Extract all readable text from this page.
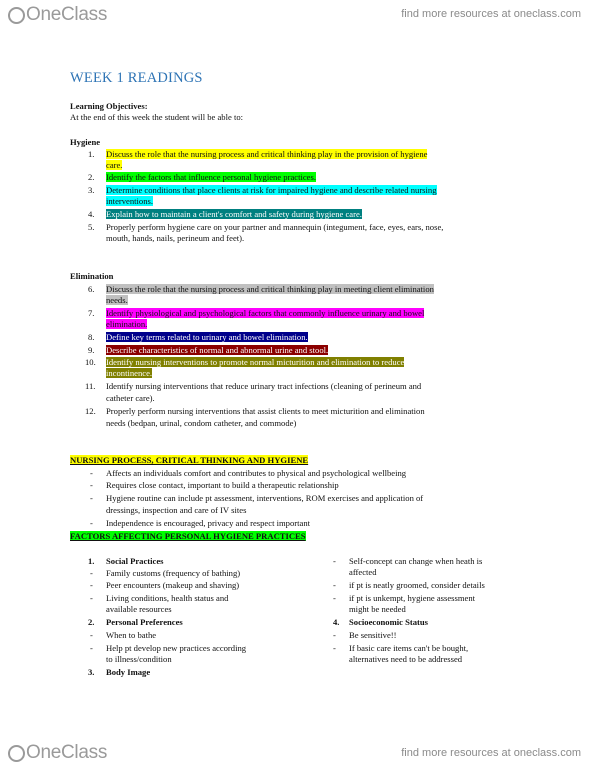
OneClass	find more resources at oneclass.com
WEEK 1 READINGS
Learning Objectives:
At the end of this week the student will be able to:
Hygiene
1. Discuss the role that the nursing process and critical thinking play in the provision of hygiene
care.
2. Identify the factors that influence personal hygiene practices.
3. Determine conditions that place clients at risk for impaired hygiene and describe related nursing
interventions.
4. Explain how to maintain a client's comfort and safety during hygiene care.
5. Properly perform hygiene care on your partner and mannequin (integument, face, eyes, ears, nose,
mouth, hands, nails, perineum and feet).
Elimination
6. Discuss the role that the nursing process and critical thinking play in meeting client elimination
needs.
7. Identify physiological and psychological factors that commonly influence urinary and bowel
elimination.
8. Define key terms related to urinary and bowel elimination.
9. Describe characteristics of normal and abnormal urine and stool.
10. Identify nursing interventions to promote normal micturition and elimination to reduce
incontinence.
11. Identify nursing interventions that reduce urinary tract infections (cleaning of perineum and
catheter care).
12. Properly perform nursing interventions that assist clients to meet micturition and elimination
needs (bedpan, urinal, condom catheter, and commode)
NURSING PROCESS, CRITICAL THINKING AND HYGIENE
- Affects an individuals comfort and contributes to physical and psychological wellbeing
- Requires close contact, important to build a therapeutic relationship
- Hygiene routine can include pt assessment, interventions, ROM exercises and application of
dressings, inspection and care of IV sites
- Independence is encouraged, privacy and respect important
FACTORS AFFECTING PERSONAL HYGIENE PRACTICES
1. Social Practices
- Family customs (frequency of bathing)
- Peer encounters (makeup and shaving)
- Living conditions, health status and
available resources
2. Personal Preferences
- When to bathe
- Help pt develop new practices according
to illness/condition
3. Body Image
- Self-concept can change when heath is
affected
- if pt is neatly groomed, consider details
- if pt is unkempt, hygiene assessment
might be needed
4. Socioeconomic Status
- Be sensitive!!
- If basic care items can't be bought,
alternatives need to be addressed
OneClass	find more resources at oneclass.com
